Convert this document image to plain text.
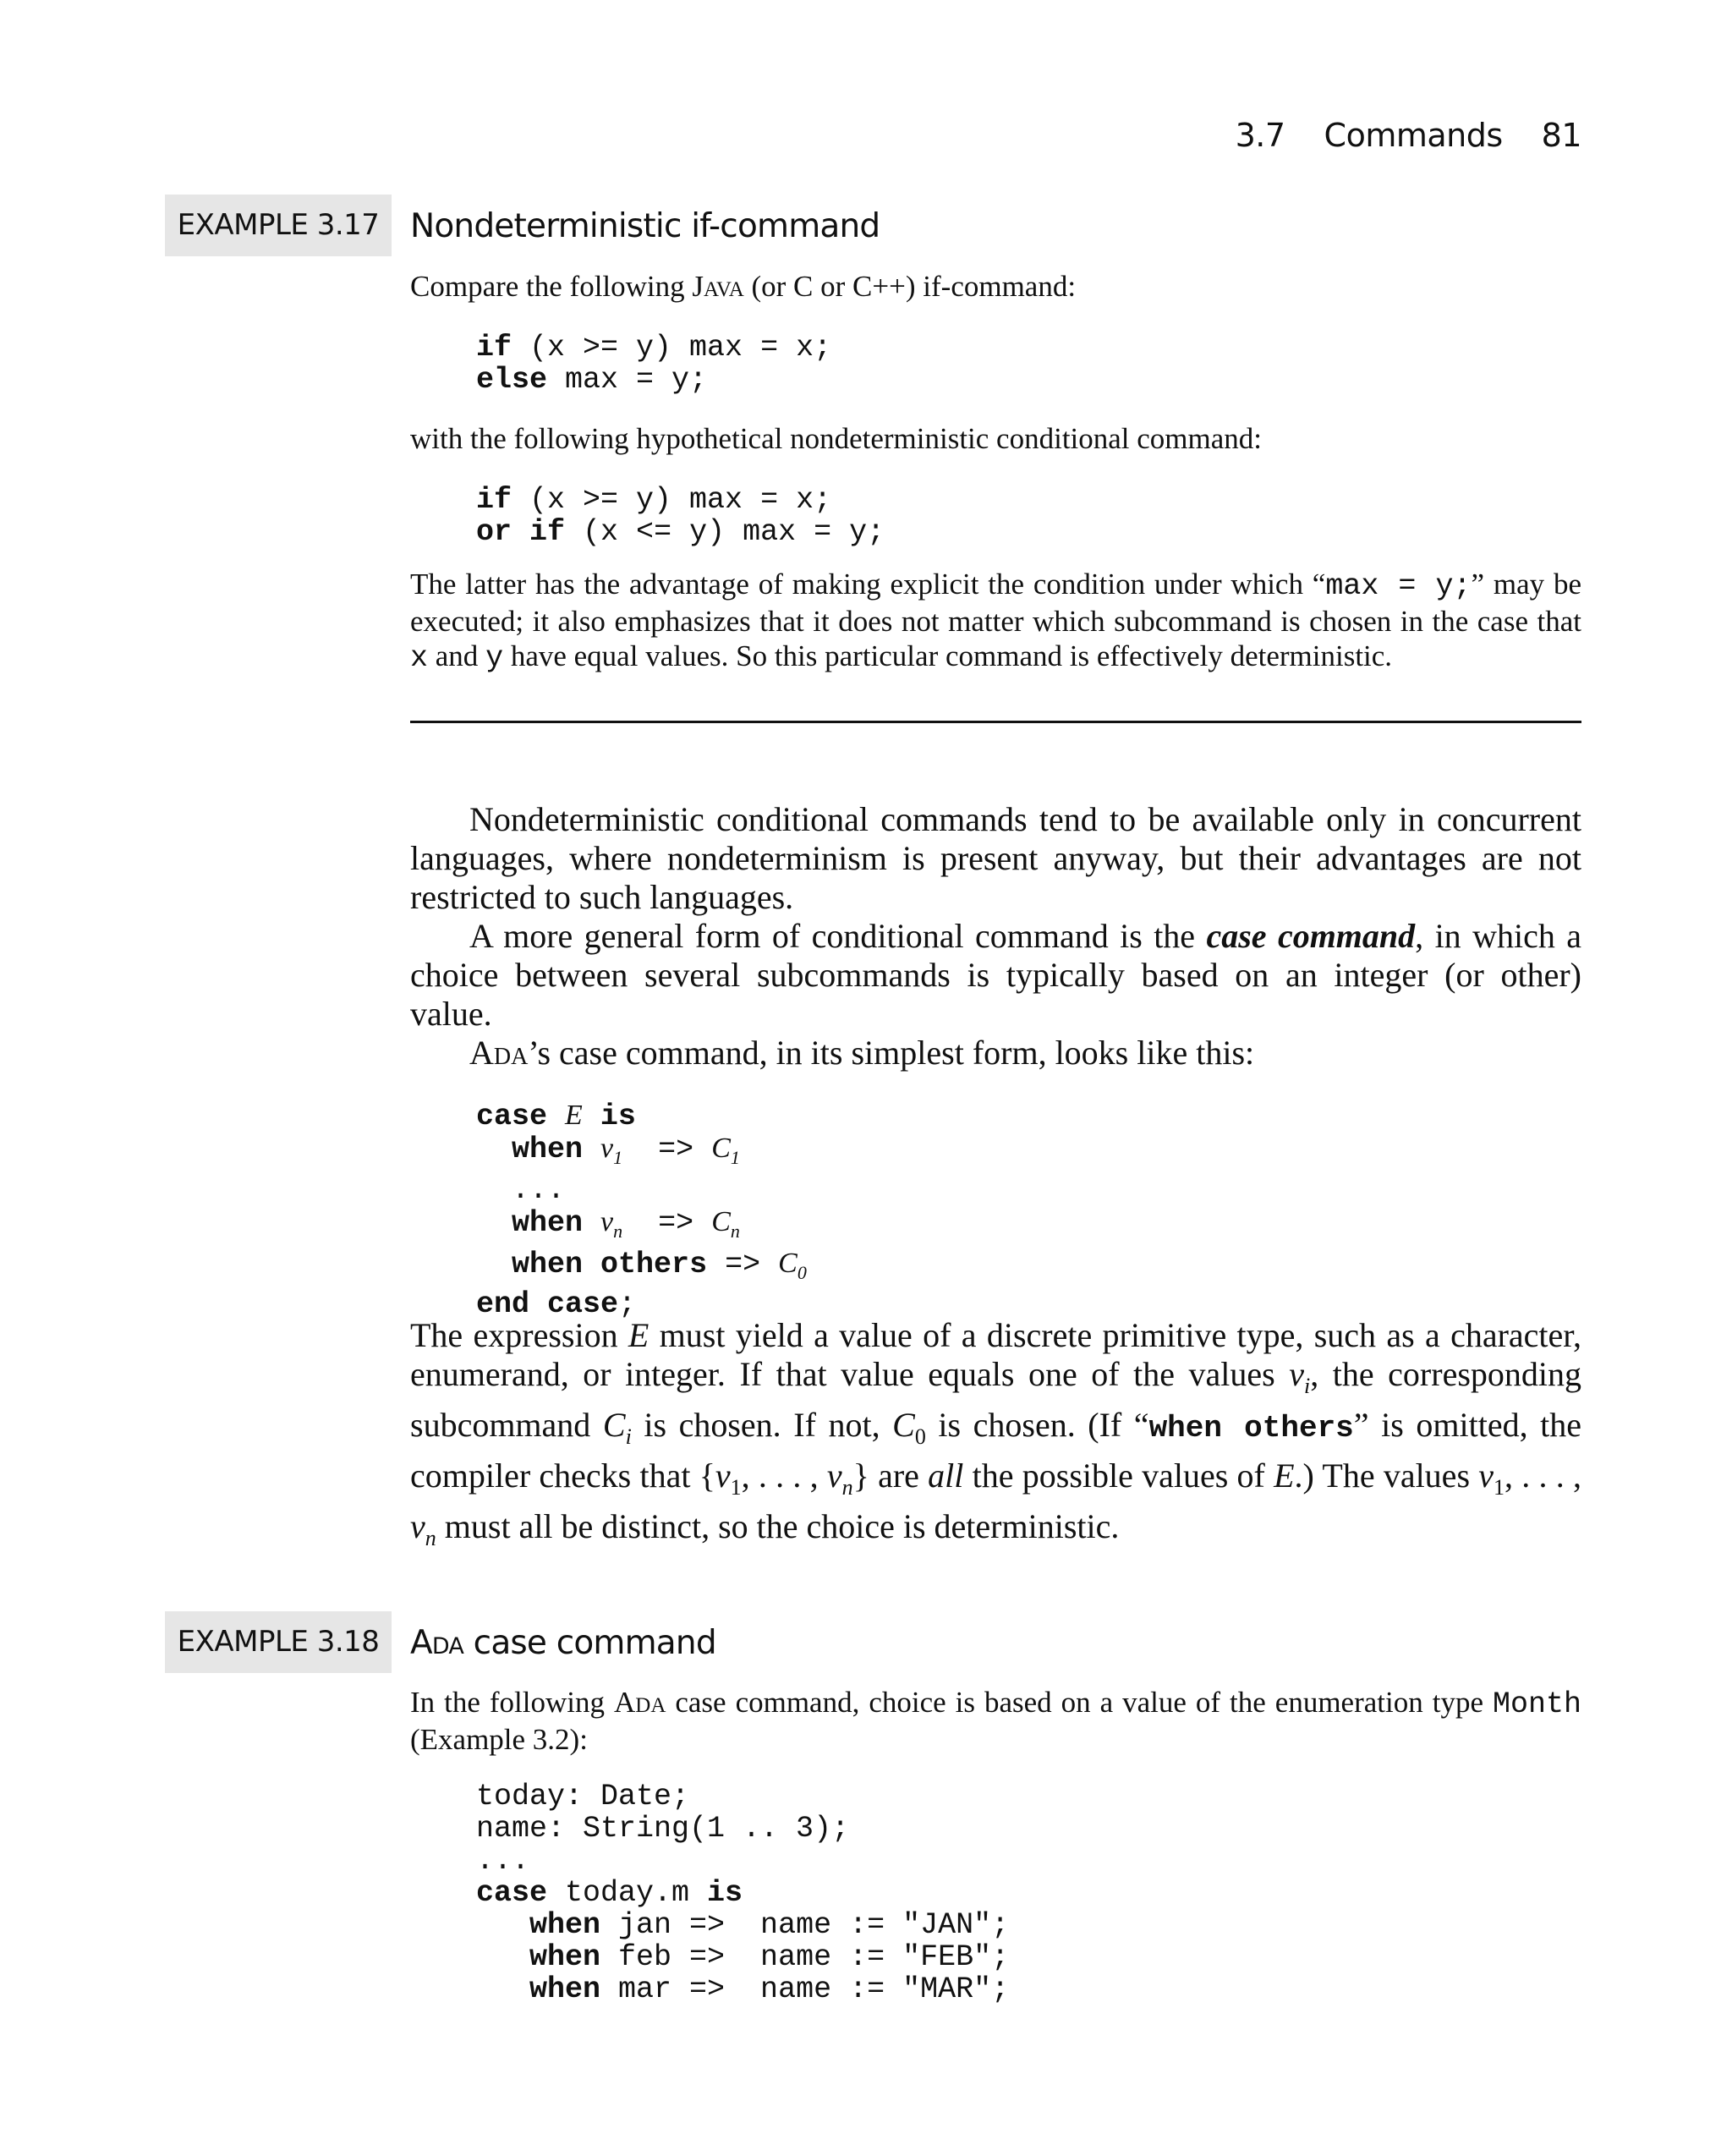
3.7 Commands 81
EXAMPLE 3.17 Nondeterministic if-command
Compare the following Java (or C or C++) if-command:
if (x >= y) max = x;
else max = y;
with the following hypothetical nondeterministic conditional command:
if (x >= y) max = x;
or if (x <= y) max = y;
The latter has the advantage of making explicit the condition under which “max = y;” may be executed; it also emphasizes that it does not matter which subcommand is chosen in the case that x and y have equal values. So this particular command is effectively deterministic.

Nondeterministic conditional commands tend to be available only in concurrent languages, where nondeterminism is present anyway, but their advantages are not restricted to such languages.

A more general form of conditional command is the case command, in which a choice between several subcommands is typically based on an integer (or other) value.

Ada’s case command, in its simplest form, looks like this:

case E is
when $v_1 => C_1$
...
when $v_n => C_n$
when others => $C_0$
end case;

The expression E must yield a value of a discrete primitive type, such as a character, enumerand, or integer. If that value equals one of the values $v_i$, the corresponding subcommand $C_i$ is chosen. If not, $C_0$ is chosen. (If “when others” is omitted, the compiler checks that {$v_1$, . . . , $v_n$} are all the possible values of E.) The values $v_1$, . . . , $v_n$ must all be distinct, so the choice is deterministic.

EXAMPLE 3.18 Ada case command
In the following Ada case command, choice is based on a value of the enumeration type Month (Example 3.2):
today: Date;
name: String(1 .. 3);
...
case today.m is
when jan =>  name := "JAN";
when feb =>  name := "FEB";
when mar =>  name := "MAR";
